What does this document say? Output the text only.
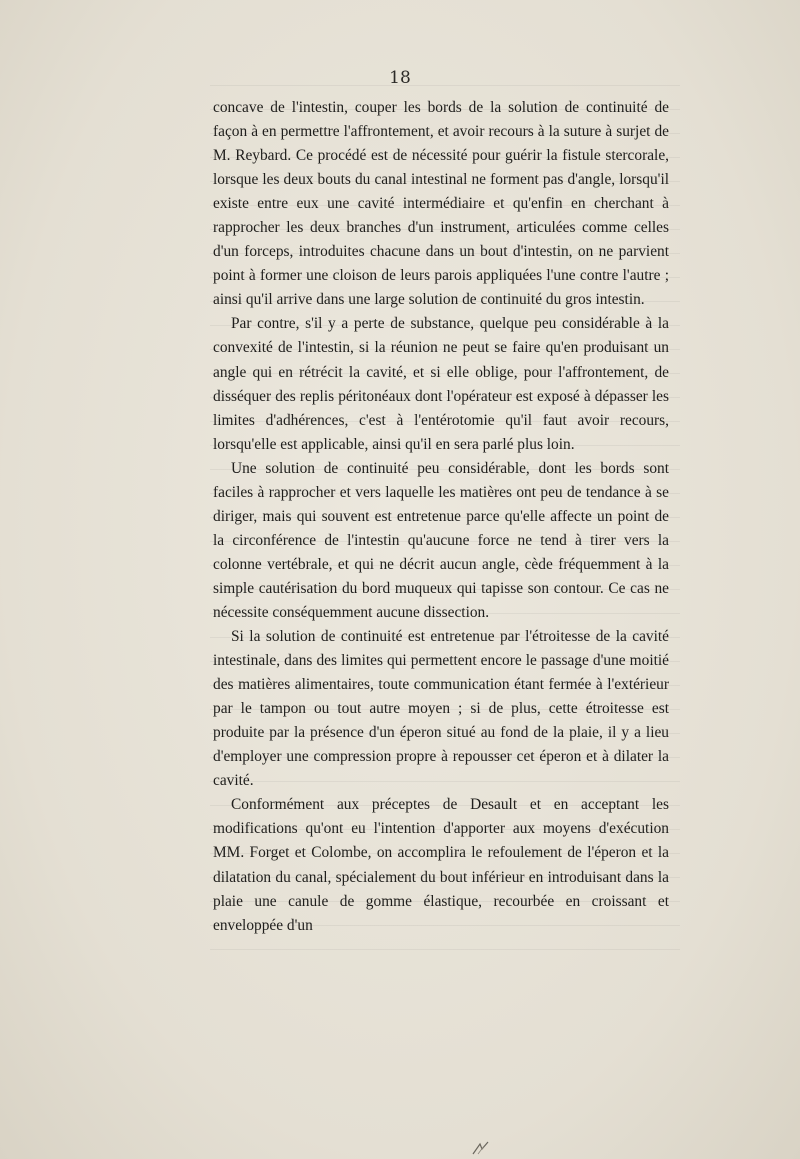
18

concave de l'intestin, couper les bords de la solution de continuité de façon à en permettre l'affrontement, et avoir recours à la suture à surjet de M. Reybard. Ce procédé est de nécessité pour guérir la fistule stercorale, lorsque les deux bouts du canal intestinal ne forment pas d'angle, lorsqu'il existe entre eux une cavité intermédiaire et qu'enfin en cherchant à rapprocher les deux branches d'un instrument, articulées comme celles d'un forceps, introduites chacune dans un bout d'intestin, on ne parvient point à former une cloison de leurs parois appliquées l'une contre l'autre ; ainsi qu'il arrive dans une large solution de continuité du gros intestin.

Par contre, s'il y a perte de substance, quelque peu considérable à la convexité de l'intestin, si la réunion ne peut se faire qu'en produisant un angle qui en rétrécit la cavité, et si elle oblige, pour l'affrontement, de disséquer des replis péritonéaux dont l'opérateur est exposé à dépasser les limites d'adhérences, c'est à l'entérotomie qu'il faut avoir recours, lorsqu'elle est applicable, ainsi qu'il en sera parlé plus loin.

Une solution de continuité peu considérable, dont les bords sont faciles à rapprocher et vers laquelle les matières ont peu de tendance à se diriger, mais qui souvent est entretenue parce qu'elle affecte un point de la circonférence de l'intestin qu'aucune force ne tend à tirer vers la colonne vertébrale, et qui ne décrit aucun angle, cède fréquemment à la simple cautérisation du bord muqueux qui tapisse son contour. Ce cas ne nécessite conséquemment aucune dissection.

Si la solution de continuité est entretenue par l'étroitesse de la cavité intestinale, dans des limites qui permettent encore le passage d'une moitié des matières alimentaires, toute communication étant fermée à l'extérieur par le tampon ou tout autre moyen ; si de plus, cette étroitesse est produite par la présence d'un éperon situé au fond de la plaie, il y a lieu d'employer une compression propre à repousser cet éperon et à dilater la cavité.

Conformément aux préceptes de Desault et en acceptant les modifications qu'ont eu l'intention d'apporter aux moyens d'exécution MM. Forget et Colombe, on accomplira le refoulement de l'éperon et la dilatation du canal, spécialement du bout inférieur en introduisant dans la plaie une canule de gomme élastique, recourbée en croissant et enveloppée d'un
